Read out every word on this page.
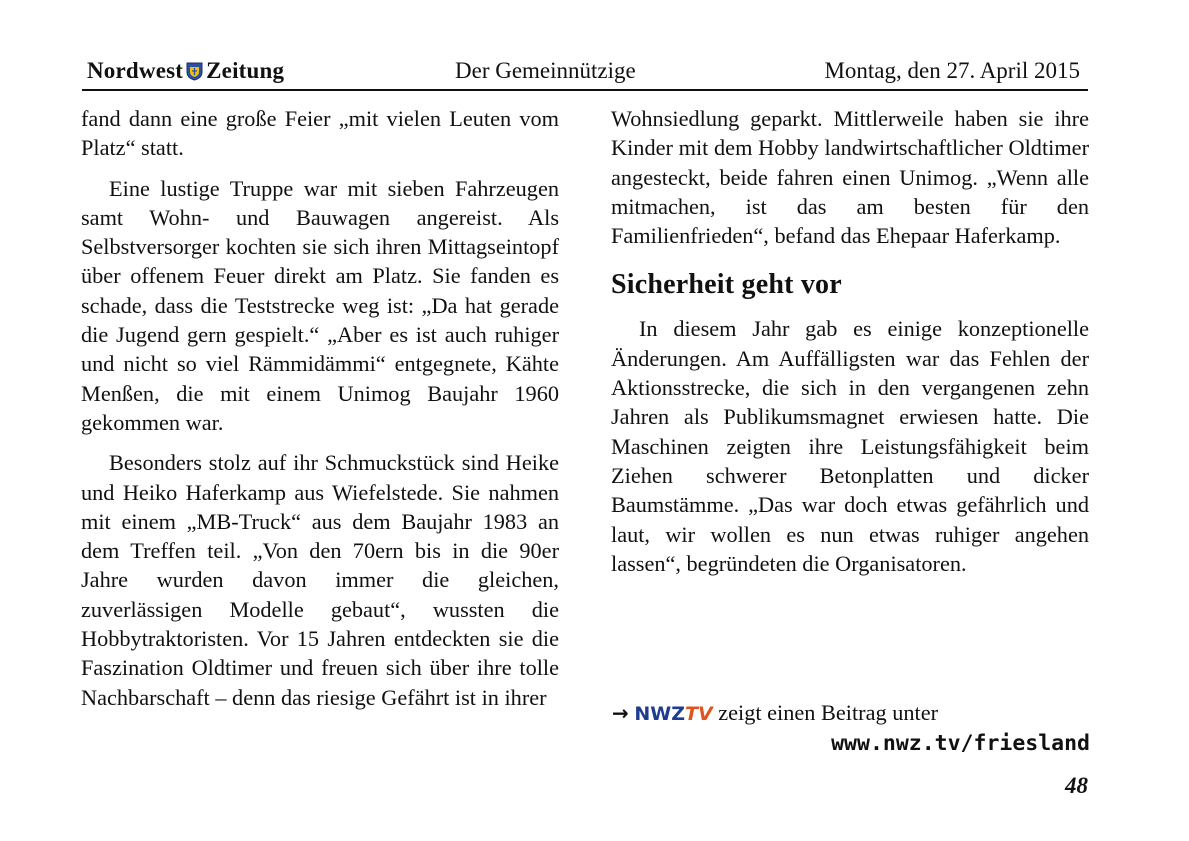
Nordwest Zeitung	Der Gemeinnützige	Montag, den 27. April 2015

fand dann eine große Feier „mit vielen Leuten vom Platz“ statt.

Eine lustige Truppe war mit sieben Fahrzeugen samt Wohn- und Bauwagen angereist. Als Selbstversorger kochten sie sich ihren Mittagseintopf über offenem Feuer direkt am Platz. Sie fanden es schade, dass die Teststrecke weg ist: „Da hat gerade die Jugend gern gespielt.“ „Aber es ist auch ruhiger und nicht so viel Rämmidämmi“ entgegnete, Kähte Menßen, die mit einem Unimog Baujahr 1960 gekommen war.

Besonders stolz auf ihr Schmuckstück sind Heike und Heiko Haferkamp aus Wiefelstede. Sie nahmen mit einem „MB-Truck“ aus dem Baujahr 1983 an dem Treffen teil. „Von den 70ern bis in die 90er Jahre wurden davon immer die gleichen, zuverlässigen Modelle gebaut“, wussten die Hobbytraktoristen. Vor 15 Jahren entdeckten sie die Faszination Oldtimer und freuen sich über ihre tolle Nachbarschaft – denn das riesige Gefährt ist in ihrer

Wohnsiedlung geparkt. Mittlerweile haben sie ihre Kinder mit dem Hobby landwirtschaftlicher Oldtimer angesteckt, beide fahren einen Unimog. „Wenn alle mitmachen, ist das am besten für den Familienfrieden“, befand das Ehepaar Haferkamp.

Sicherheit geht vor

In diesem Jahr gab es einige konzeptionelle Änderungen. Am Auffälligsten war das Fehlen der Aktionsstrecke, die sich in den vergangenen zehn Jahren als Publikumsmagnet erwiesen hatte. Die Maschinen zeigten ihre Leistungsfähigkeit beim Ziehen schwerer Betonplatten und dicker Baumstämme. „Das war doch etwas gefährlich und laut, wir wollen es nun etwas ruhiger angehen lassen“, begründeten die Organisatoren.

→ NWZTV zeigt einen Beitrag unter
www.nwz.tv/friesland
48
